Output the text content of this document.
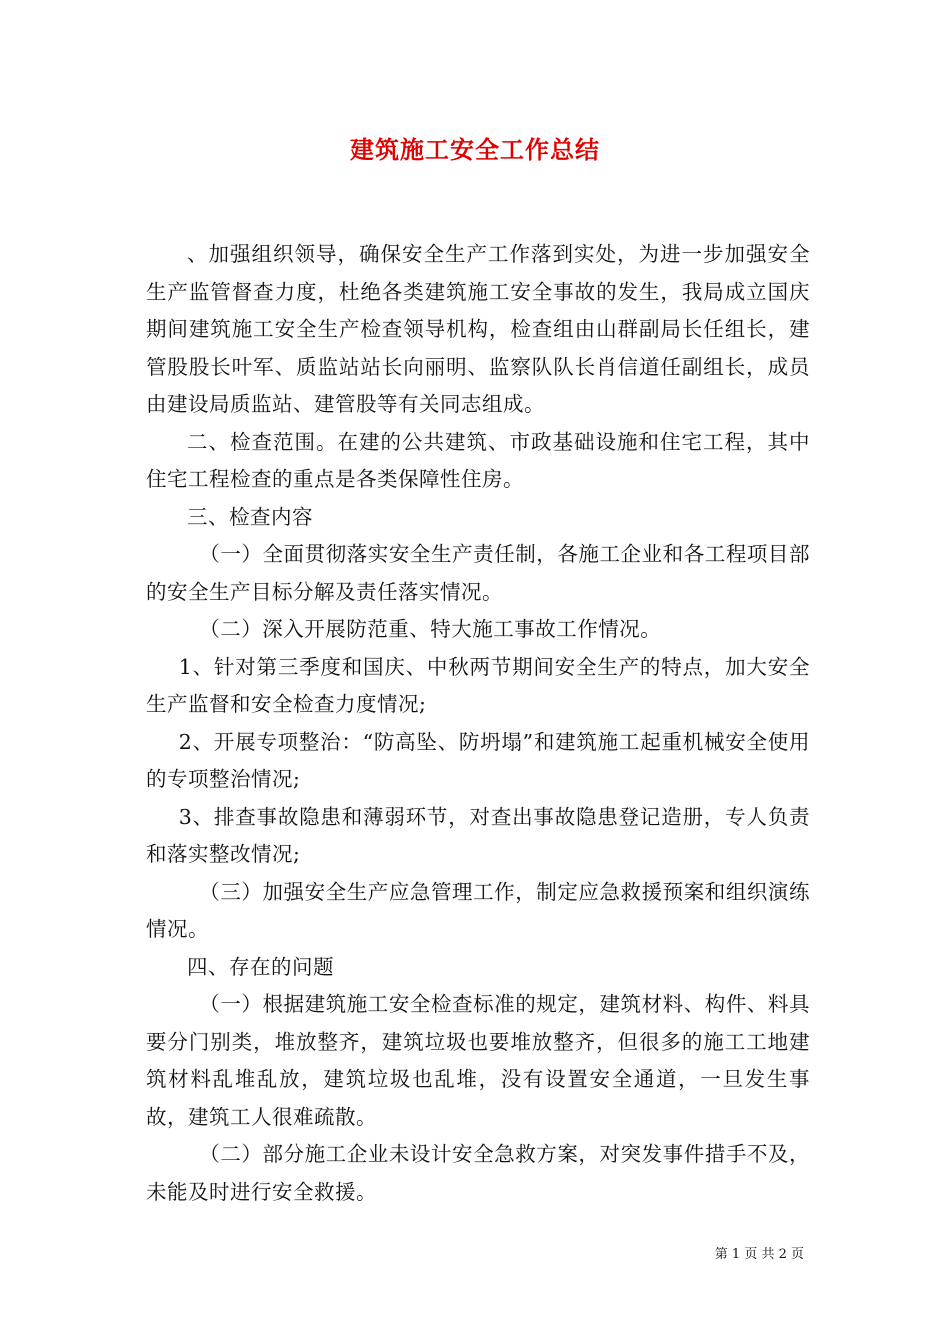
建筑施工安全工作总结

、加强组织领导，确保安全生产工作落到实处，为进一步加强安全生产监管督查力度，杜绝各类建筑施工安全事故的发生，我局成立国庆期间建筑施工安全生产检查领导机构，检查组由山群副局长任组长，建管股股长叶军、质监站站长向丽明、监察队队长肖信道任副组长，成员由建设局质监站、建管股等有关同志组成。

二、检查范围。在建的公共建筑、市政基础设施和住宅工程，其中住宅工程检查的重点是各类保障性住房。

三、检查内容

（一）全面贯彻落实安全生产责任制，各施工企业和各工程项目部的安全生产目标分解及责任落实情况。

（二）深入开展防范重、特大施工事故工作情况。

1、针对第三季度和国庆、中秋两节期间安全生产的特点，加大安全生产监督和安全检查力度情况;

2、开展专项整治：“防高坠、防坍塌”和建筑施工起重机械安全使用的专项整治情况;

3、排查事故隐患和薄弱环节，对查出事故隐患登记造册，专人负责和落实整改情况;

（三）加强安全生产应急管理工作，制定应急救援预案和组织演练情况。

四、存在的问题

（一）根据建筑施工安全检查标准的规定，建筑材料、构件、料具要分门别类，堆放整齐，建筑垃圾也要堆放整齐，但很多的施工工地建筑材料乱堆乱放，建筑垃圾也乱堆，没有设置安全通道，一旦发生事故，建筑工人很难疏散。

（二）部分施工企业未设计安全急救方案，对突发事件措手不及，未能及时进行安全救援。

第 1 页 共 2 页
